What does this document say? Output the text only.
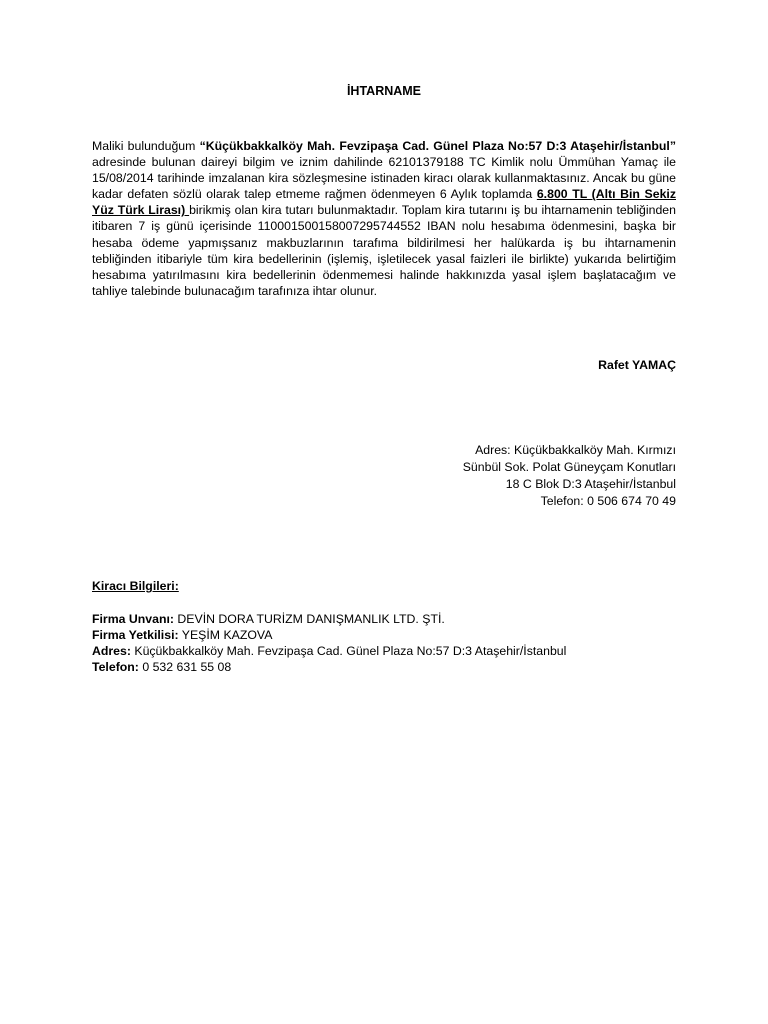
İHTARNAME
Maliki bulunduğum “Küçükbakkalköy Mah. Fevzipaşa Cad. Günel Plaza No:57 D:3 Ataşehir/İstanbul” adresinde bulunan daireyi bilgim ve iznim dahilinde 62101379188 TC Kimlik nolu Ümmühan Yamaç ile 15/08/2014 tarihinde imzalanan kira sözleşmesine istinaden kiracı olarak kullanmaktasınız. Ancak bu güne kadar defaten sözlü olarak talep etmeme rağmen ödenmeyen 6 Aylık toplamda 6.800 TL (Altı Bin Sekiz Yüz Türk Lirası) birikmiş olan kira tutarı bulunmaktadır. Toplam kira tutarını iş bu ihtarnamenin tebliğinden itibaren 7 iş günü içerisinde 110001500158007295744552 IBAN nolu hesabıma ödenmesini, başka bir hesaba ödeme yapmışsanız makbuzlarının tarafıma bildirilmesi her halükarda iş bu ihtarnamenin tebliğinden itibariyle tüm kira bedellerinin (işlemiş, işletilecek yasal faizleri ile birlikte) yukarıda belirtiğim hesabıma yatırılmasını kira bedellerinin ödenmemesi halinde hakkınızda yasal işlem başlatacağım ve tahliye talebinde bulunacağım tarafınıza ihtar olunur.
Rafet YAMAÇ
Adres: Küçükbakkalköy Mah. Kırmızı
Sünbül Sok. Polat Güneyçam Konutları
18 C Blok D:3 Ataşehir/İstanbul
Telefon: 0 506 674 70 49
Kiracı Bilgileri:
Firma Unvanı: DEVİN DORA TURİZM DANIŞMANLIK LTD. ŞTİ.
Firma Yetkilisi: YEŞİM KAZOVA
Adres: Küçükbakkalköy Mah. Fevzipaşa Cad. Günel Plaza No:57 D:3 Ataşehir/İstanbul
Telefon: 0 532 631 55 08
